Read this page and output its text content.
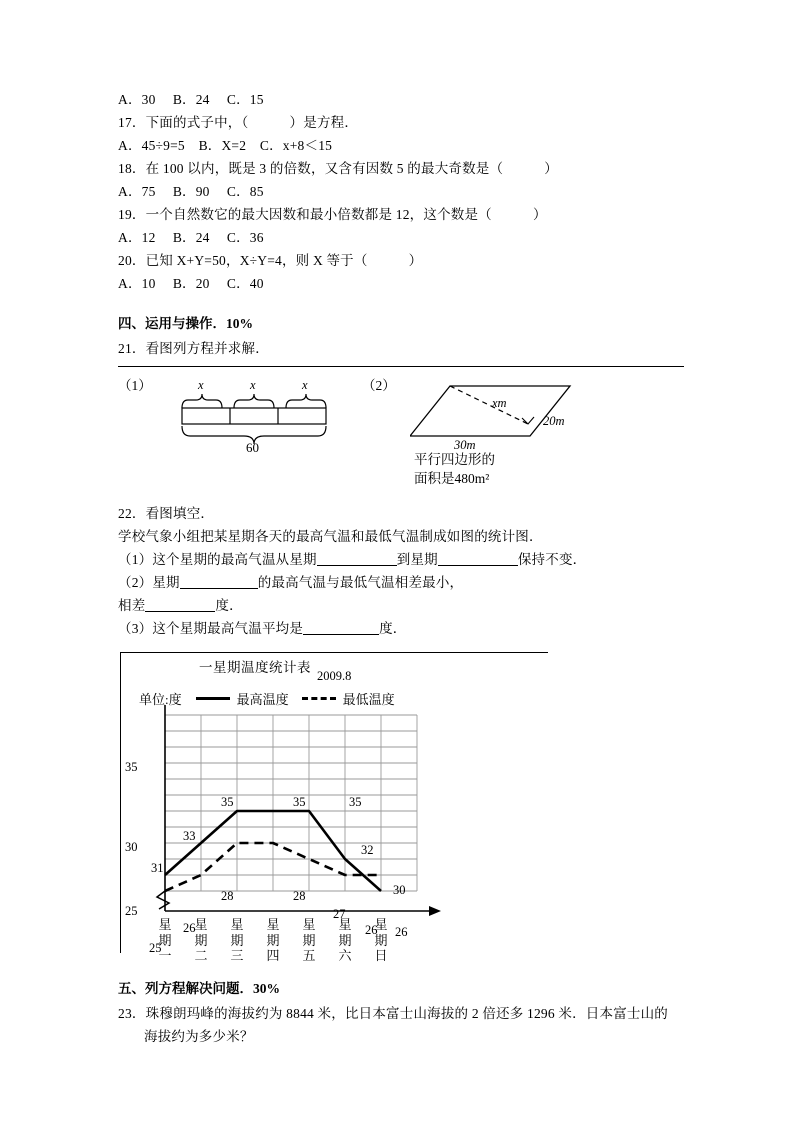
A．30　 B．24　 C．15
17．下面的式子中，（　　　）是方程．
A．45÷9=5　B．X=2　C．x+8＜15
18．在 100 以内，既是 3 的倍数，又含有因数 5 的最大奇数是（　　　）
A．75　 B．90　 C．85
19．一个自然数它的最大因数和最小倍数都是 12，这个数是（　　　）
A．12　 B．24　 C．36
20．已知 X+Y=50，X÷Y=4，则 X 等于（　　　）
A．10　 B．20　 C．40
四、运用与操作．10%
21．看图列方程并求解．
（1）	x	x	x
60
（2）
xm
20m
30m
平行四边形的
面积是480m²
22．看图填空．
学校气象小组把某星期各天的最高气温和最低气温制成如图的统计图．
（1）这个星期的最高气温从星期	到星期	保持不变．
（2）星期	的最高气温与最低气温相差最小，
相差	度．
（3）这个星期最高气温平均是	度．
一星期温度统计表
2009.8
单位:度	最高温度	最低温度
35
30
25
31
33
35	35	35
32
30
25
26
28	28
27
26 26
星
期
一
星
期
二
星
期
三
星
期
四
星
期
五
星
期
六
星
期
日
五、列方程解决问题．30%
23．珠穆朗玛峰的海拔约为 8844 米，比日本富士山海拔的 2 倍还多 1296 米．日本富士山的
海拔约为多少米？
